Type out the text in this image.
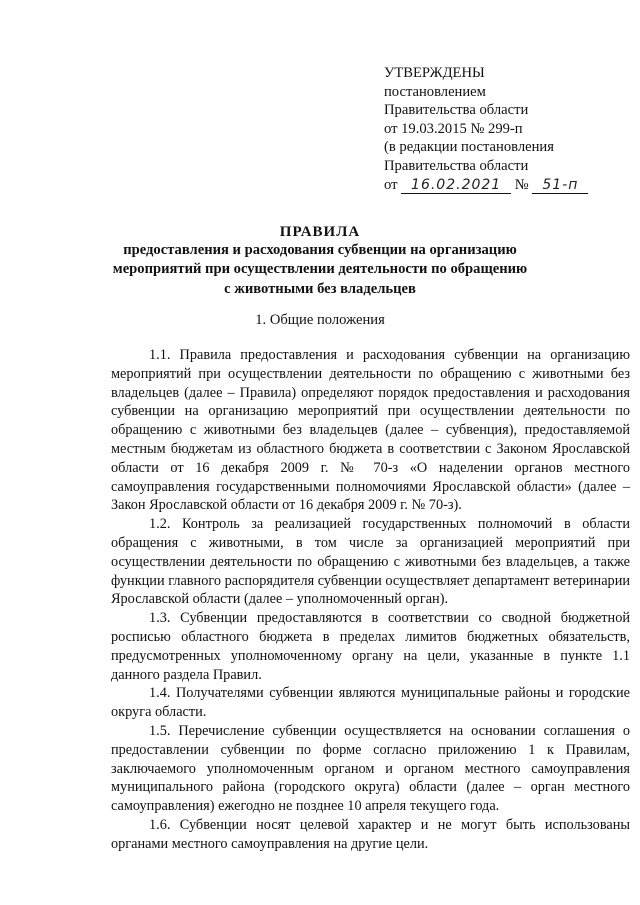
УТВЕРЖДЕНЫ
постановлением
Правительства области
от 19.03.2015 № 299-п
(в редакции постановления
Правительства области
от 16.02.2021 № 51-п
ПРАВИЛА
предоставления и расходования субвенции на организацию
мероприятий при осуществлении деятельности по обращению
с животными без владельцев
1. Общие положения

1.1. Правила предоставления и расходования субвенции на организацию мероприятий при осуществлении деятельности по обращению с животными без владельцев (далее – Правила) определяют порядок предоставления и расходования субвенции на организацию мероприятий при осуществлении деятельности по обращению с животными без владельцев (далее – субвенция), предоставляемой местным бюджетам из областного бюджета в соответствии с Законом Ярославской области от 16 декабря 2009 г. № 70-з «О наделении органов местного самоуправления государственными полномочиями Ярославской области» (далее – Закон Ярославской области от 16 декабря 2009 г. № 70-з).

1.2. Контроль за реализацией государственных полномочий в области обращения с животными, в том числе за организацией мероприятий при осуществлении деятельности по обращению с животными без владельцев, а также функции главного распорядителя субвенции осуществляет департамент ветеринарии Ярославской области (далее – уполномоченный орган).

1.3. Субвенции предоставляются в соответствии со сводной бюджетной росписью областного бюджета в пределах лимитов бюджетных обязательств, предусмотренных уполномоченному органу на цели, указанные в пункте 1.1 данного раздела Правил.

1.4. Получателями субвенции являются муниципальные районы и городские округа области.

1.5. Перечисление субвенции осуществляется на основании соглашения о предоставлении субвенции по форме согласно приложению 1 к Правилам, заключаемого уполномоченным органом и органом местного самоуправления муниципального района (городского округа) области (далее – орган местного самоуправления) ежегодно не позднее 10 апреля текущего года.

1.6. Субвенции носят целевой характер и не могут быть использованы органами местного самоуправления на другие цели.
